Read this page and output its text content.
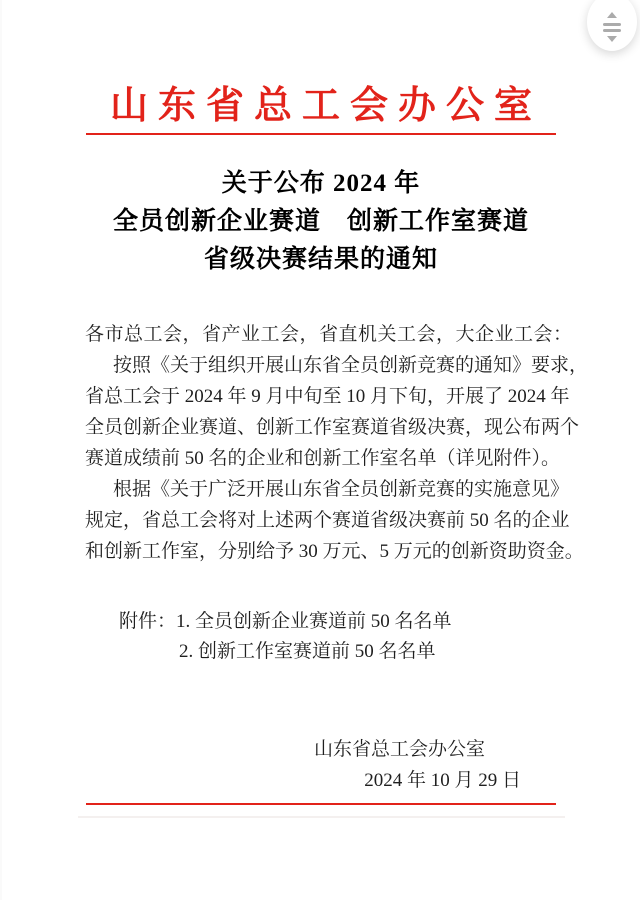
山东省总工会办公室
关于公布 2024 年
全员创新企业赛道　创新工作室赛道
省级决赛结果的通知
各市总工会，省产业工会，省直机关工会，大企业工会：
按照《关于组织开展山东省全员创新竞赛的通知》要求，
省总工会于 2024 年 9 月中旬至 10 月下旬，开展了 2024 年
全员创新企业赛道、创新工作室赛道省级决赛，现公布两个
赛道成绩前 50 名的企业和创新工作室名单（详见附件）。
根据《关于广泛开展山东省全员创新竞赛的实施意见》
规定，省总工会将对上述两个赛道省级决赛前 50 名的企业
和创新工作室，分别给予 30 万元、5 万元的创新资助资金。
附件：1. 全员创新企业赛道前 50 名名单
2. 创新工作室赛道前 50 名名单
山东省总工会办公室
2024 年 10 月 29 日
